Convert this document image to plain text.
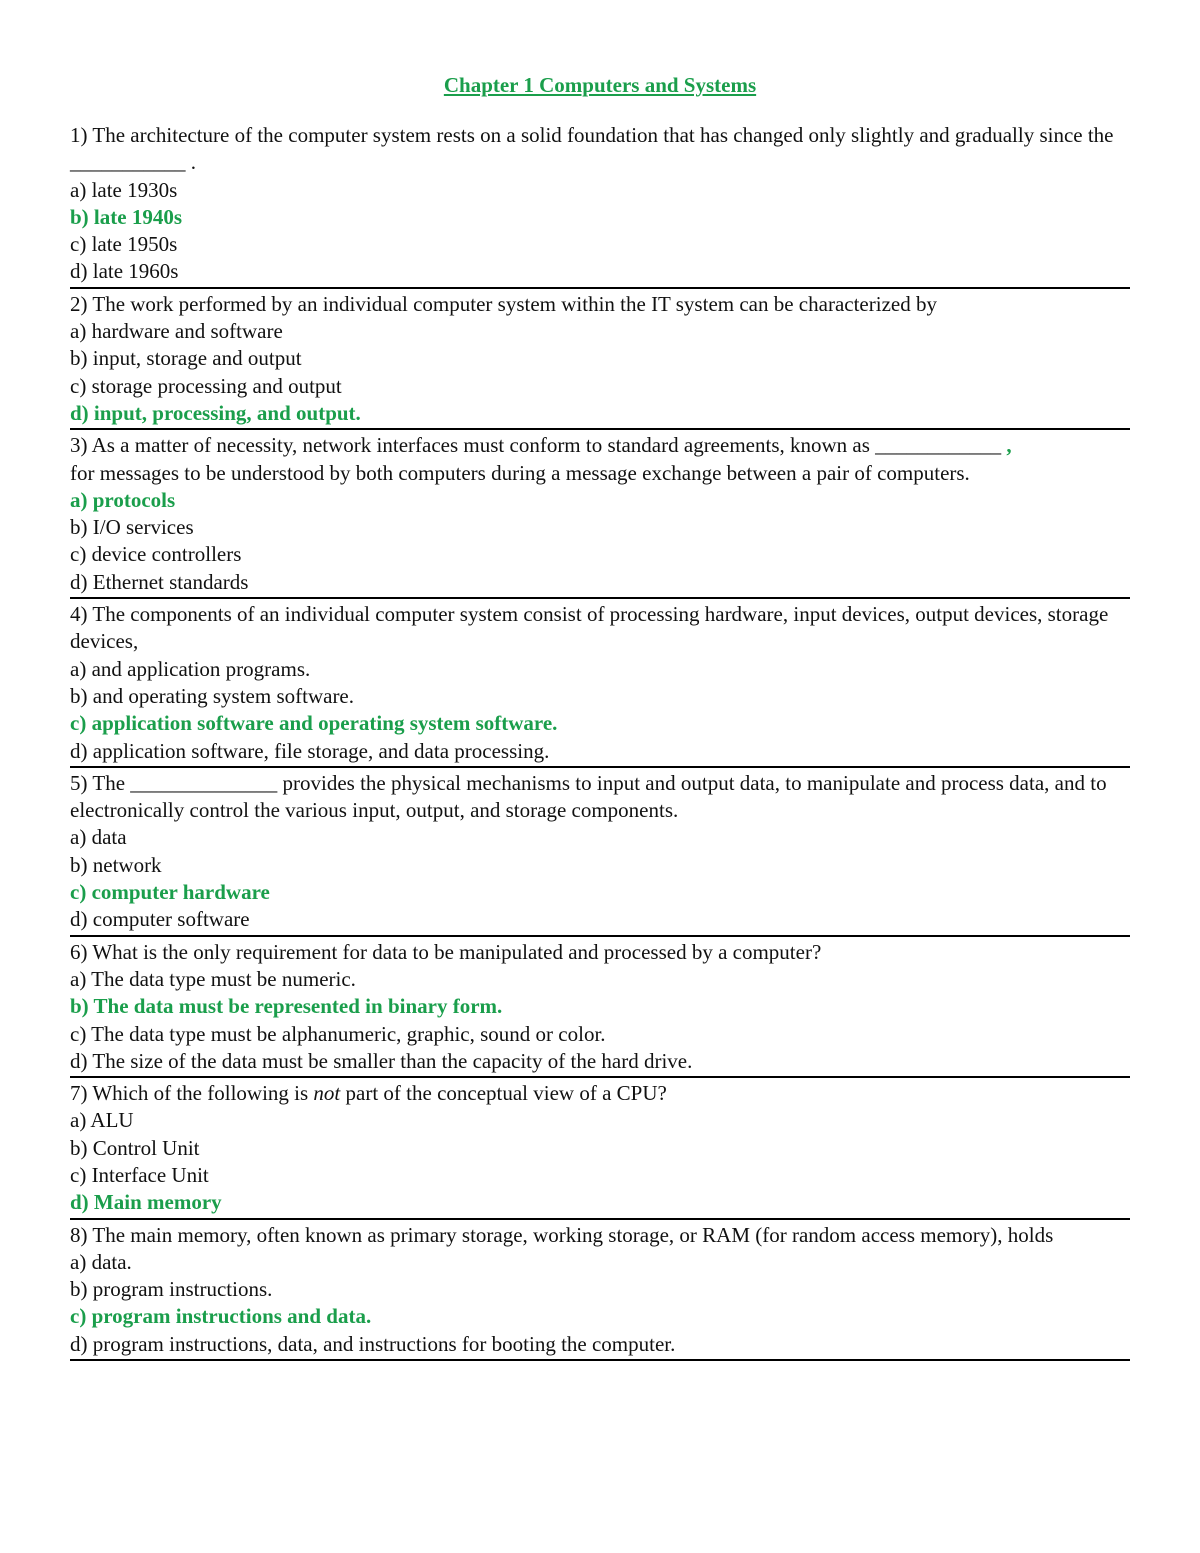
Chapter 1 Computers and Systems

1) The architecture of the computer system rests on a solid foundation that has changed only slightly and gradually since the ___________ .

a) late 1930s

b) late 1940s

c) late 1950s

d) late 1960s

2) The work performed by an individual computer system within the IT system can be characterized by

a) hardware and software

b) input, storage and output

c) storage processing and output

d) input, processing, and output.

3) As a matter of necessity, network interfaces must conform to standard agreements, known as ____________ ,
for messages to be understood by both computers during a message exchange between a pair of computers.

a) protocols

b) I/O services

c) device controllers

d) Ethernet standards

4) The components of an individual computer system consist of processing hardware, input devices, output devices, storage devices,

a) and application programs.

b) and operating system software.

c) application software and operating system software.

d) application software, file storage, and data processing.

5) The ______________ provides the physical mechanisms to input and output data, to manipulate and process data, and to electronically control the various input, output, and storage components.

a) data

b) network

c) computer hardware

d) computer software

6) What is the only requirement for data to be manipulated and processed by a computer?

a) The data type must be numeric.

b) The data must be represented in binary form.

c) The data type must be alphanumeric, graphic, sound or color.

d) The size of the data must be smaller than the capacity of the hard drive.

7) Which of the following is not part of the conceptual view of a CPU?

a) ALU

b) Control Unit

c) Interface Unit

d) Main memory

8) The main memory, often known as primary storage, working storage, or RAM (for random access memory), holds

a) data.

b) program instructions.

c) program instructions and data.

d) program instructions, data, and instructions for booting the computer.
